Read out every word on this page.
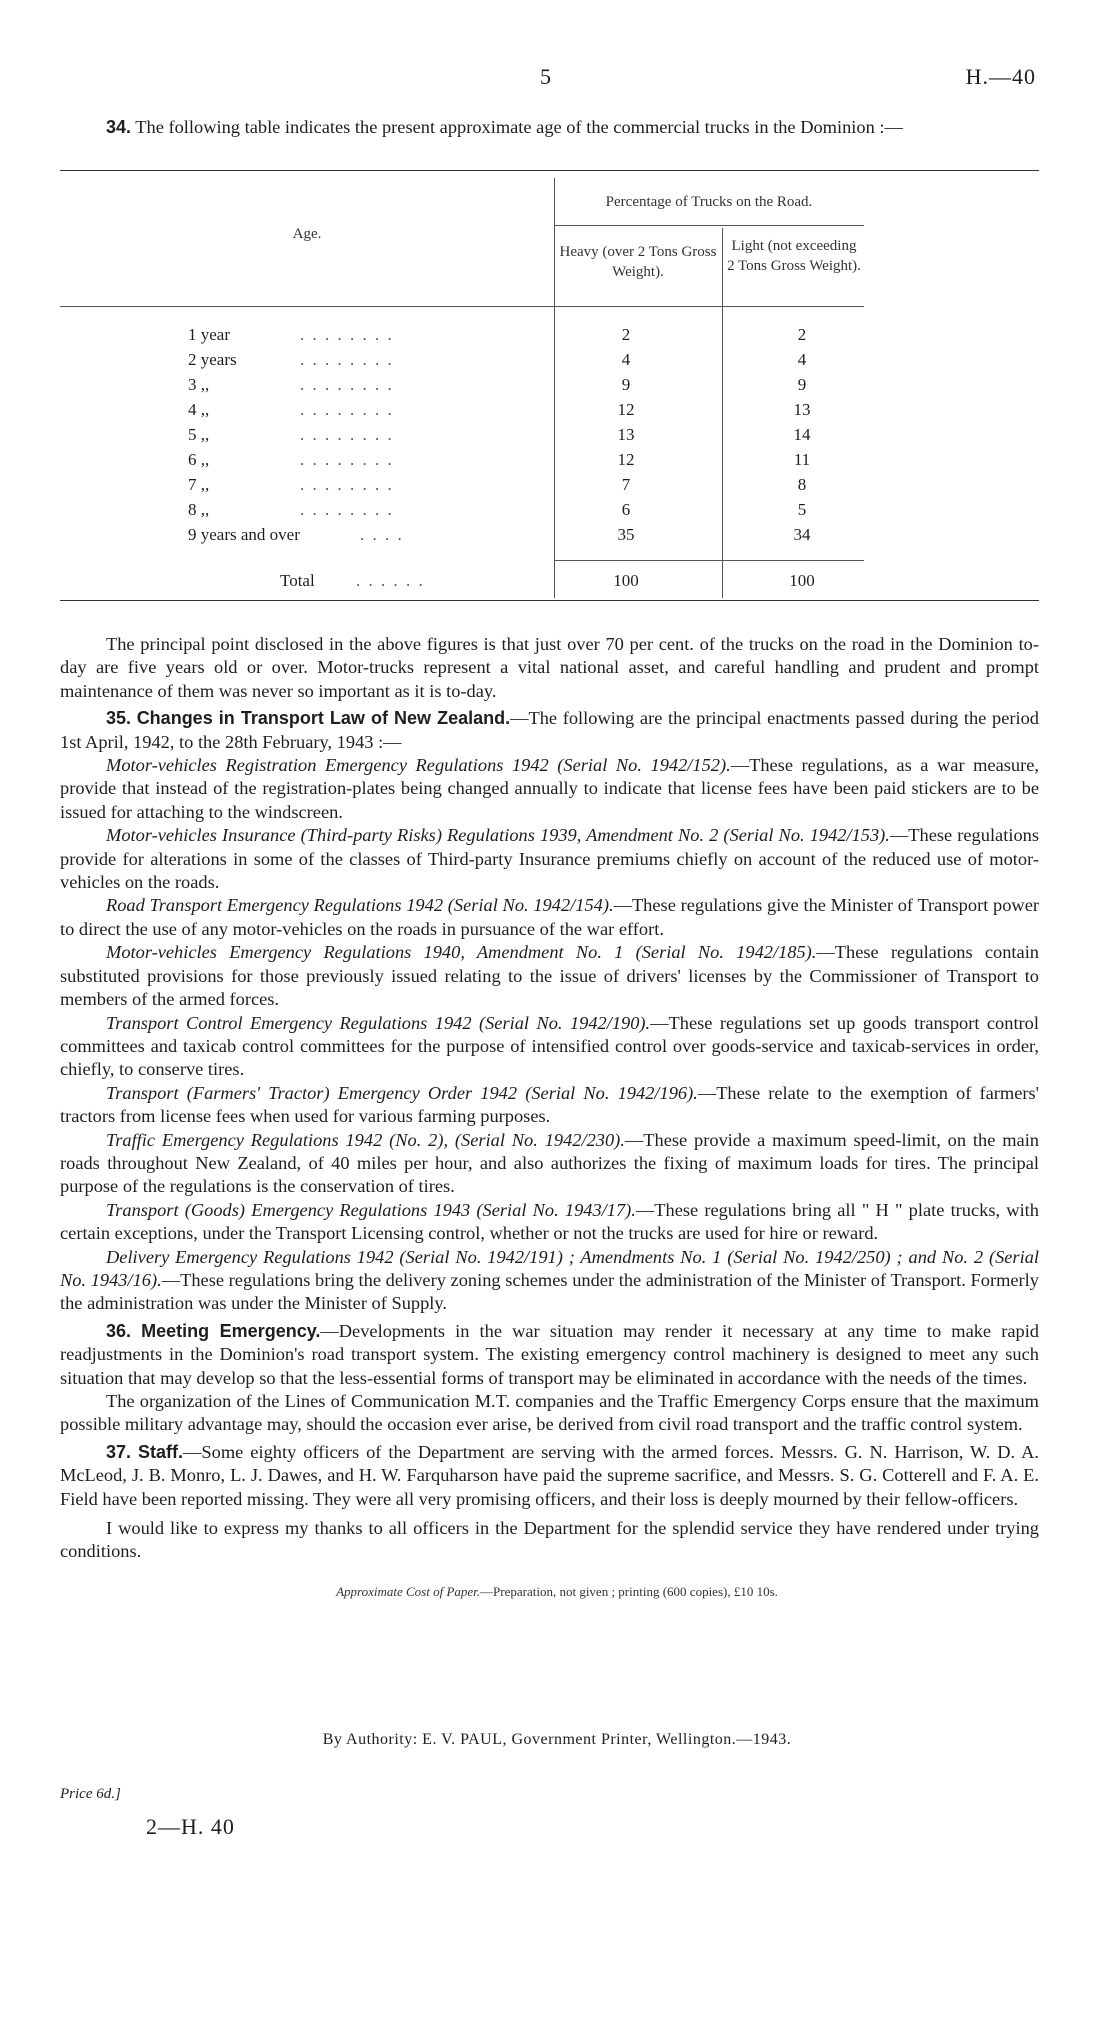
5	H.—40

34. The following table indicates the present approximate age of the commercial trucks in the Dominion :—

Age.
Percentage of Trucks on the Road.
Heavy (over 2 Tons Gross Weight).
Light (not exceeding 2 Tons Gross Weight).
1 year	. . . . . . . .	2	2
2 years	. . . . . . . .	4	4
3 ,,	. . . . . . . .	9	9
4 ,,	. . . . . . . .	12	13
5 ,,	. . . . . . . .	13	14
6 ,,	. . . . . . . .	12	11
7 ,,	. . . . . . . .	7	8
8 ,,	. . . . . . . .	6	5
9 years and over	. . . .	35	34
Total . . . . . .	100	100

The principal point disclosed in the above figures is that just over 70 per cent. of the trucks on the road in the Dominion to-day are five years old or over. Motor-trucks represent a vital national asset, and careful handling and prudent and prompt maintenance of them was never so important as it is to-day.

35. Changes in Transport Law of New Zealand.—The following are the principal enactments passed during the period 1st April, 1942, to the 28th February, 1943 :—

Motor-vehicles Registration Emergency Regulations 1942 (Serial No. 1942/152).—These regulations, as a war measure, provide that instead of the registration-plates being changed annually to indicate that license fees have been paid stickers are to be issued for attaching to the windscreen.

Motor-vehicles Insurance (Third-party Risks) Regulations 1939, Amendment No. 2 (Serial No. 1942/153).—These regulations provide for alterations in some of the classes of Third-party Insurance premiums chiefly on account of the reduced use of motor-vehicles on the roads.

Road Transport Emergency Regulations 1942 (Serial No. 1942/154).—These regulations give the Minister of Transport power to direct the use of any motor-vehicles on the roads in pursuance of the war effort.

Motor-vehicles Emergency Regulations 1940, Amendment No. 1 (Serial No. 1942/185).—These regulations contain substituted provisions for those previously issued relating to the issue of drivers' licenses by the Commissioner of Transport to members of the armed forces.

Transport Control Emergency Regulations 1942 (Serial No. 1942/190).—These regulations set up goods transport control committees and taxicab control committees for the purpose of intensified control over goods-service and taxicab-services in order, chiefly, to conserve tires.

Transport (Farmers' Tractor) Emergency Order 1942 (Serial No. 1942/196).—These relate to the exemption of farmers' tractors from license fees when used for various farming purposes.

Traffic Emergency Regulations 1942 (No. 2), (Serial No. 1942/230).—These provide a maximum speed-limit, on the main roads throughout New Zealand, of 40 miles per hour, and also authorizes the fixing of maximum loads for tires. The principal purpose of the regulations is the conservation of tires.

Transport (Goods) Emergency Regulations 1943 (Serial No. 1943/17).—These regulations bring all " H " plate trucks, with certain exceptions, under the Transport Licensing control, whether or not the trucks are used for hire or reward.

Delivery Emergency Regulations 1942 (Serial No. 1942/191) ; Amendments No. 1 (Serial No. 1942/250) ; and No. 2 (Serial No. 1943/16).—These regulations bring the delivery zoning schemes under the administration of the Minister of Transport. Formerly the administration was under the Minister of Supply.

36. Meeting Emergency.—Developments in the war situation may render it necessary at any time to make rapid readjustments in the Dominion's road transport system. The existing emergency control machinery is designed to meet any such situation that may develop so that the less-essential forms of transport may be eliminated in accordance with the needs of the times.

The organization of the Lines of Communication M.T. companies and the Traffic Emergency Corps ensure that the maximum possible military advantage may, should the occasion ever arise, be derived from civil road transport and the traffic control system.

37. Staff.—Some eighty officers of the Department are serving with the armed forces. Messrs. G. N. Harrison, W. D. A. McLeod, J. B. Monro, L. J. Dawes, and H. W. Farquharson have paid the supreme sacrifice, and Messrs. S. G. Cotterell and F. A. E. Field have been reported missing. They were all very promising officers, and their loss is deeply mourned by their fellow-officers.

I would like to express my thanks to all officers in the Department for the splendid service they have rendered under trying conditions.

Approximate Cost of Paper.—Preparation, not given ; printing (600 copies), £10 10s.
By Authority: E. V. PAUL, Government Printer, Wellington.—1943.
Price 6d.]
2—H. 40
